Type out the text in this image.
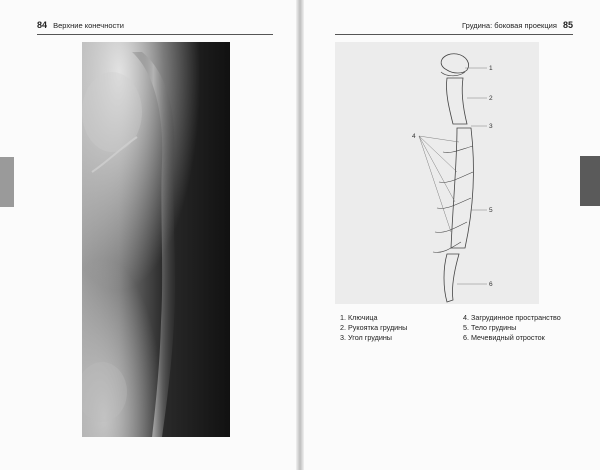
84 Верхние конечности	Грудина: боковая проекция 85
1
2
3
4
5
6
1. Ключица
2. Рукоятка грудины
3. Угол грудины
4. Загрудинное пространство
5. Тело грудины
6. Мечевидный отросток
